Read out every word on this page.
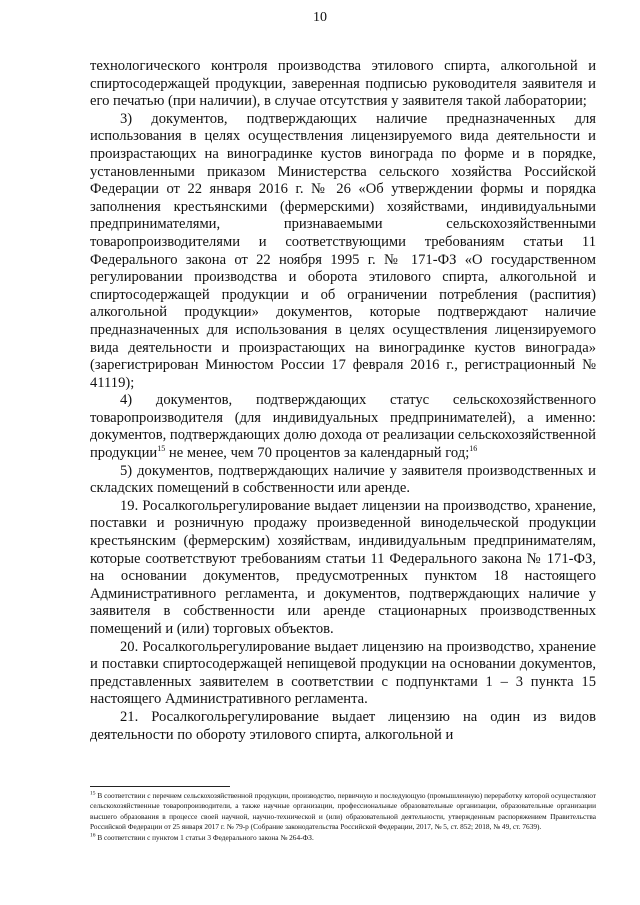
10

технологического контроля производства этилового спирта, алкогольной и спиртосодержащей продукции, заверенная подписью руководителя заявителя и его печатью (при наличии), в случае отсутствия у заявителя такой лаборатории;

3) документов, подтверждающих наличие предназначенных для использования в целях осуществления лицензируемого вида деятельности и произрастающих на виноградинке кустов винограда по форме и в порядке, установленными приказом Министерства сельского хозяйства Российской Федерации от 22 января 2016 г. № 26 «Об утверждении формы и порядка заполнения крестьянскими (фермерскими) хозяйствами, индивидуальными предпринимателями, признаваемыми сельскохозяйственными товаропроизводителями и соответствующими требованиям статьи 11 Федерального закона от 22 ноября 1995 г. № 171-ФЗ «О государственном регулировании производства и оборота этилового спирта, алкогольной и спиртосодержащей продукции и об ограничении потребления (распития) алкогольной продукции» документов, которые подтверждают наличие предназначенных для использования в целях осуществления лицензируемого вида деятельности и произрастающих на виноградинке кустов винограда» (зарегистрирован Минюстом России 17 февраля 2016 г., регистрационный № 41119);

4) документов, подтверждающих статус сельскохозяйственного товаропроизводителя (для индивидуальных предпринимателей), а именно: документов, подтверждающих долю дохода от реализации сельскохозяйственной продукции$^{15}$ не менее, чем 70 процентов за календарный год;$^{16}$

5) документов, подтверждающих наличие у заявителя производственных и складских помещений в собственности или аренде.

19. Росалкогольрегулирование выдает лицензии на производство, хранение, поставки и розничную продажу произведенной винодельческой продукции крестьянским (фермерским) хозяйствам, индивидуальным предпринимателям, которые соответствуют требованиям статьи 11 Федерального закона № 171-ФЗ, на основании документов, предусмотренных пунктом 18 настоящего Административного регламента, и документов, подтверждающих наличие у заявителя в собственности или аренде стационарных производственных помещений и (или) торговых объектов.

20. Росалкогольрегулирование выдает лицензию на производство, хранение и поставки спиртосодержащей непищевой продукции на основании документов, представленных заявителем в соответствии с подпунктами 1 – 3 пункта 15 настоящего Административного регламента.

21. Росалкогольрегулирование выдает лицензию на один из видов деятельности по обороту этилового спирта, алкогольной и

$^{15}$ В соответствии с перечнем сельскохозяйственной продукции, производство, первичную и последующую (промышленную) переработку которой осуществляют сельскохозяйственные товаропроизводители, а также научные организации, профессиональные образовательные организации, образовательные организации высшего образования в процессе своей научной, научно-технической и (или) образовательной деятельности, утвержденным распоряжением Правительства Российской Федерации от 25 января 2017 г. № 79-р (Собрание законодательства Российской Федерации, 2017, № 5, ст. 852; 2018, № 49, ст. 7639).

$^{16}$ В соответствии с пунктом 1 статьи 3 Федерального закона № 264-ФЗ.
